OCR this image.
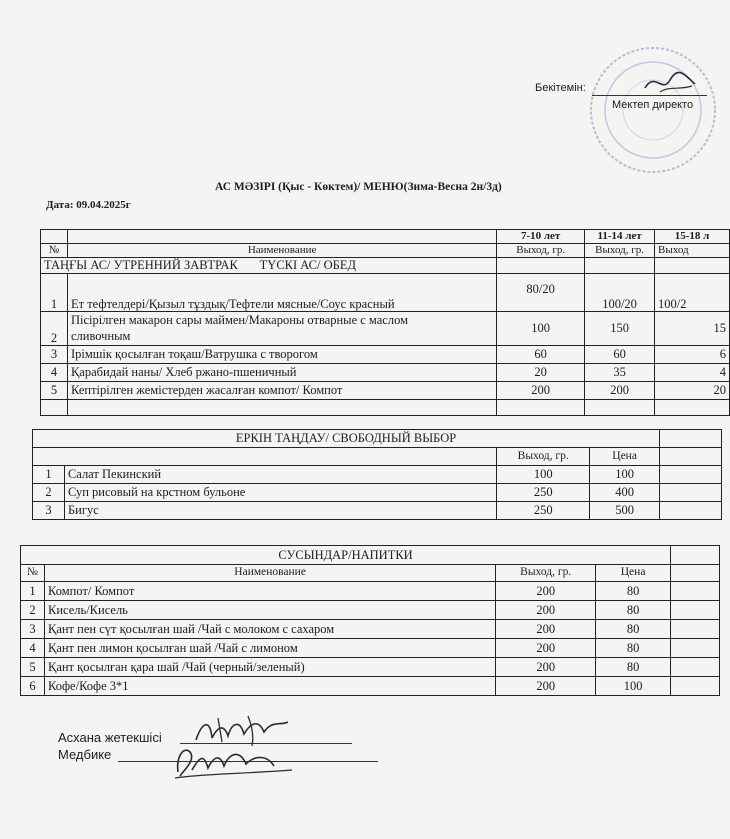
Бекітемін:
Мектеп директо
АС МӘЗІРІ (Қыс - Көктем)/ МЕНЮ(Зима-Весна 2н/3д)
Дата: 09.04.2025г
		7-10 лет	11-14 лет	15-18 л
№	Наименование	Выход, гр.	Выход, гр.	Выход
ТАҢҒЫ АС/ УТРЕННИЙ ЗАВТРАК ТҮСКІ АС/ ОБЕД				
1	Ет тефтелдері/Қызыл тұздық/Тефтели мясные/Соус красный	80/20	100/20	100/2
2	Пісірілген макарон сары маймен/Макароны отварные с маслом
сливочным	100	150	15
3	Ірімшік қосылған тоқаш/Ватрушка с творогом	60	60	6
4	Қарабидай наны/ Хлеб ржано-пшеничный	20	35	4
5	Кептірілген жемістерден жасалған компот/ Компот	200	200	20

ЕРКІН ТАҢДАУ/ СВОБОДНЫЙ ВЫБОР				
		Выход, гр.	Цена	
1	Салат Пекинский	100	100	
2	Суп рисовый на крстном бульоне	250	400	
3	Бигус	250	500	
СУСЫНДАР/НАПИТКИ				
№	Наименование	Выход, гр.	Цена	
1	Компот/ Компот	200	80	
2	Кисель/Кисель	200	80	
3	Қант пен сүт қосылған шай /Чай с молоком с сахаром	200	80	
4	Қант пен лимон қосылған шай /Чай с лимоном	200	80	
5	Қант қосылған қара шай /Чай (черный/зеленый)	200	80	
6	Кофе/Кофе 3*1	200	100	
Асхана жетекшісі
Медбике
